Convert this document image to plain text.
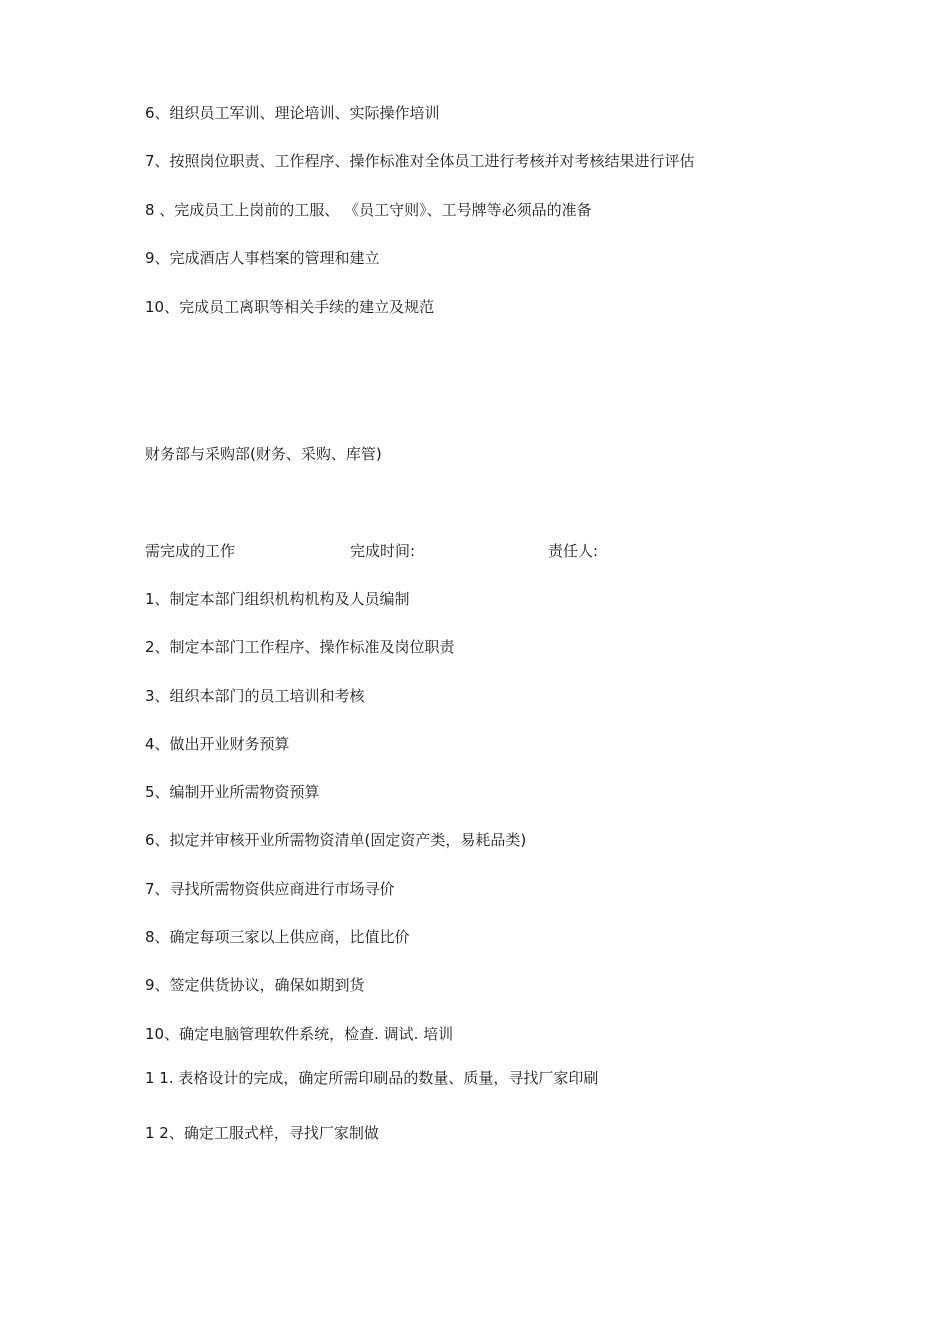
6、组织员工军训、理论培训、实际操作培训
7、按照岗位职责、工作程序、操作标准对全体员工进行考核并对考核结果进行评估
8 、完成员工上岗前的工服、 《员工守则》、工号牌等必须品的准备
9、完成酒店人事档案的管理和建立
10、完成员工离职等相关手续的建立及规范
财务部与采购部(财务、采购、库管)
需完成的工作	完成时间:	责任人:
1、制定本部门组织机构机构及人员编制
2、制定本部门工作程序、操作标准及岗位职责
3、组织本部门的员工培训和考核
4、做出开业财务预算
5、编制开业所需物资预算
6、拟定并审核开业所需物资清单(固定资产类，易耗品类)
7、寻找所需物资供应商进行市场寻价
8、确定每项三家以上供应商，比值比价
9、签定供货协议，确保如期到货
10、确定电脑管理软件系统，检查. 调试. 培训
1 1. 表格设计的完成，确定所需印刷品的数量、质量，寻找厂家印刷
1 2、确定工服式样，寻找厂家制做
